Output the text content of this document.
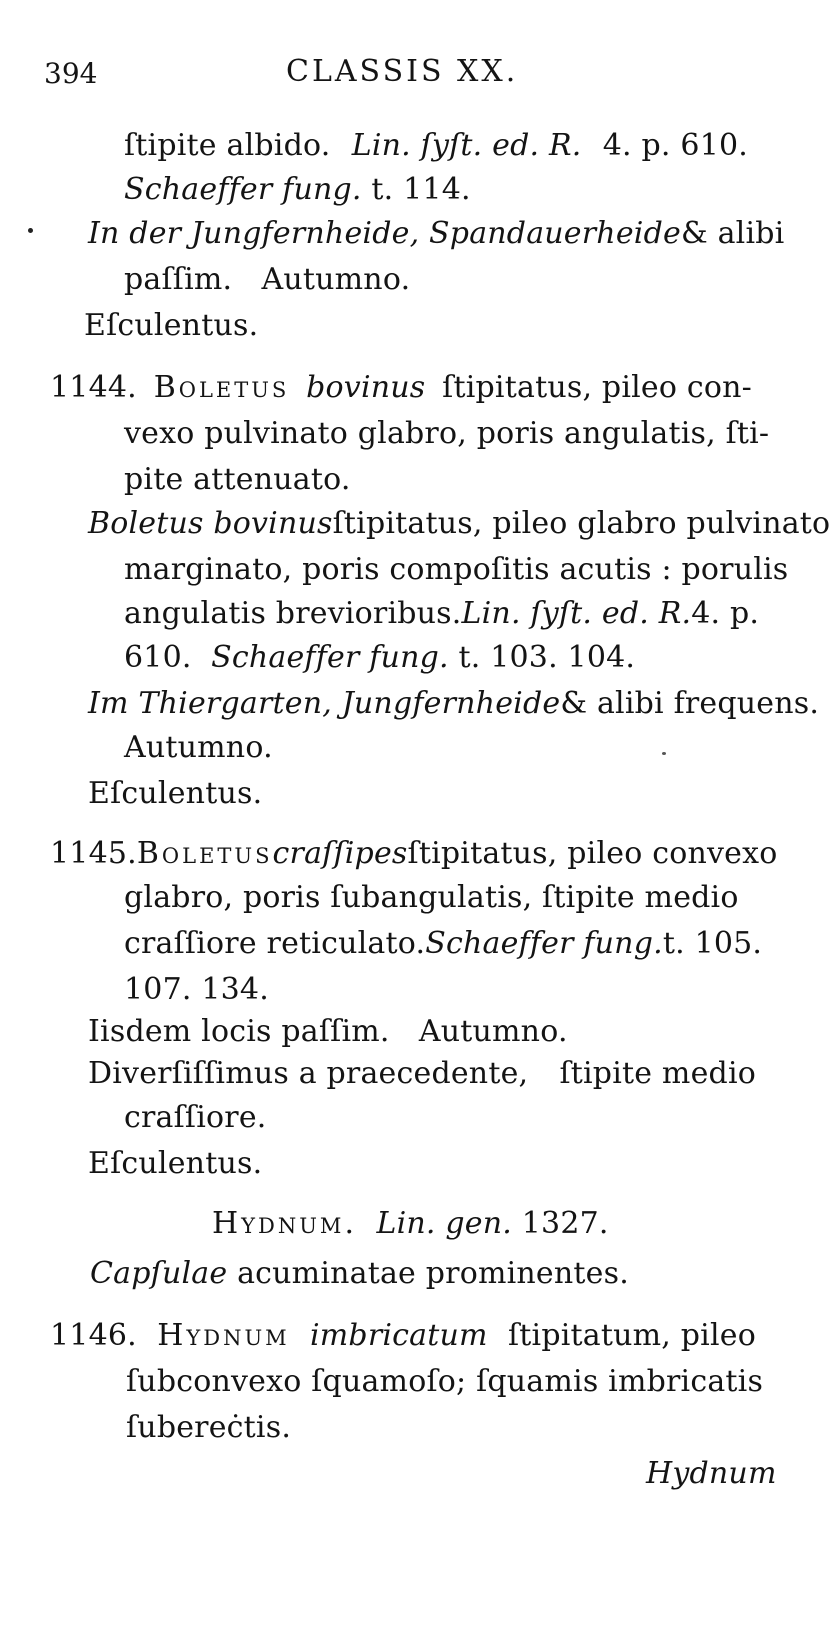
394	CLASSIS XX.
ſtipite albido. Lin. ſyſt. ed. R. 4. p. 610.
Schaeffer fung. t. 114.
In der Jungfernheide, Spandauerheide & alibi
paſſim. Autumno.
Eſculentus.
1144. Boletus bovinus ſtipitatus, pileo con-
vexo pulvinato glabro, poris angulatis, ſti-
pite attenuato.
Boletus bovinus ſtipitatus, pileo glabro pulvinato
marginato, poris compoſitis acutis : porulis
angulatis brevioribus. Lin. ſyſt. ed. R. 4. p.
610. Schaeffer fung. t. 103. 104.
Im Thiergarten, Jungfernheide & alibi frequens.
Autumno.
Eſculentus.
1145. Boletus craſſipes ſtipitatus, pileo convexo
glabro, poris ſubangulatis, ſtipite medio
craſſiore reticulato. Schaeffer fung. t. 105.
107. 134.
Iisdem locis paſſim. Autumno.
Diverſiſſimus a praecedente, ſtipite medio
craſſiore.
Eſculentus.
Hydnum. Lin. gen. 1327.
Capſulae acuminatae prominentes.
1146. Hydnum imbricatum ſtipitatum, pileo
ſubconvexo ſquamoſo; ſquamis imbricatis
ſubereċtis.
Hydnum
